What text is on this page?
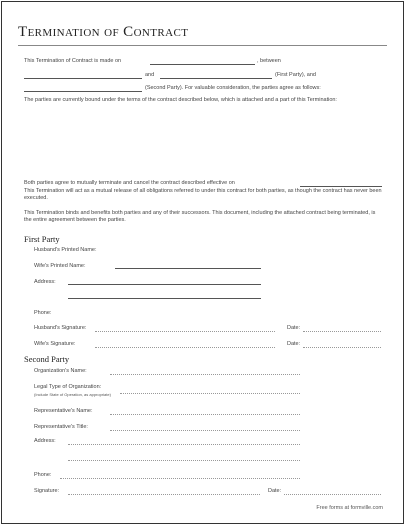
Termination of Contract
This Termination of Contract is made on	, between
and	(First Party), and
(Second Party). For valuable consideration, the parties agree as follows:
The parties are currently bound under the terms of the contract described below, which is attached and a part of this Termination:
Both parties agree to mutually terminate and cancel the contract described effective on
This Termination will act as a mutual release of all obligations referred to under this contract for both parties, as though the contract has never been executed.
This Termination binds and benefits both parties and any of their successors. This document, including the attached contract being terminated, is the entire agreement between the parties.
First Party
Husband's Printed Name:
Wife's Printed Name:
Address:
Phone:
Husband's Signature:	Date:
Wife's Signature:	Date:
Second Party
Organization's Name:
Legal Type of Organization:
(Include State of Operation, as appropriate)
Representative's Name:
Representative's Title:
Address:
Phone:
Signature:	Date:
Free forms at formville.com
